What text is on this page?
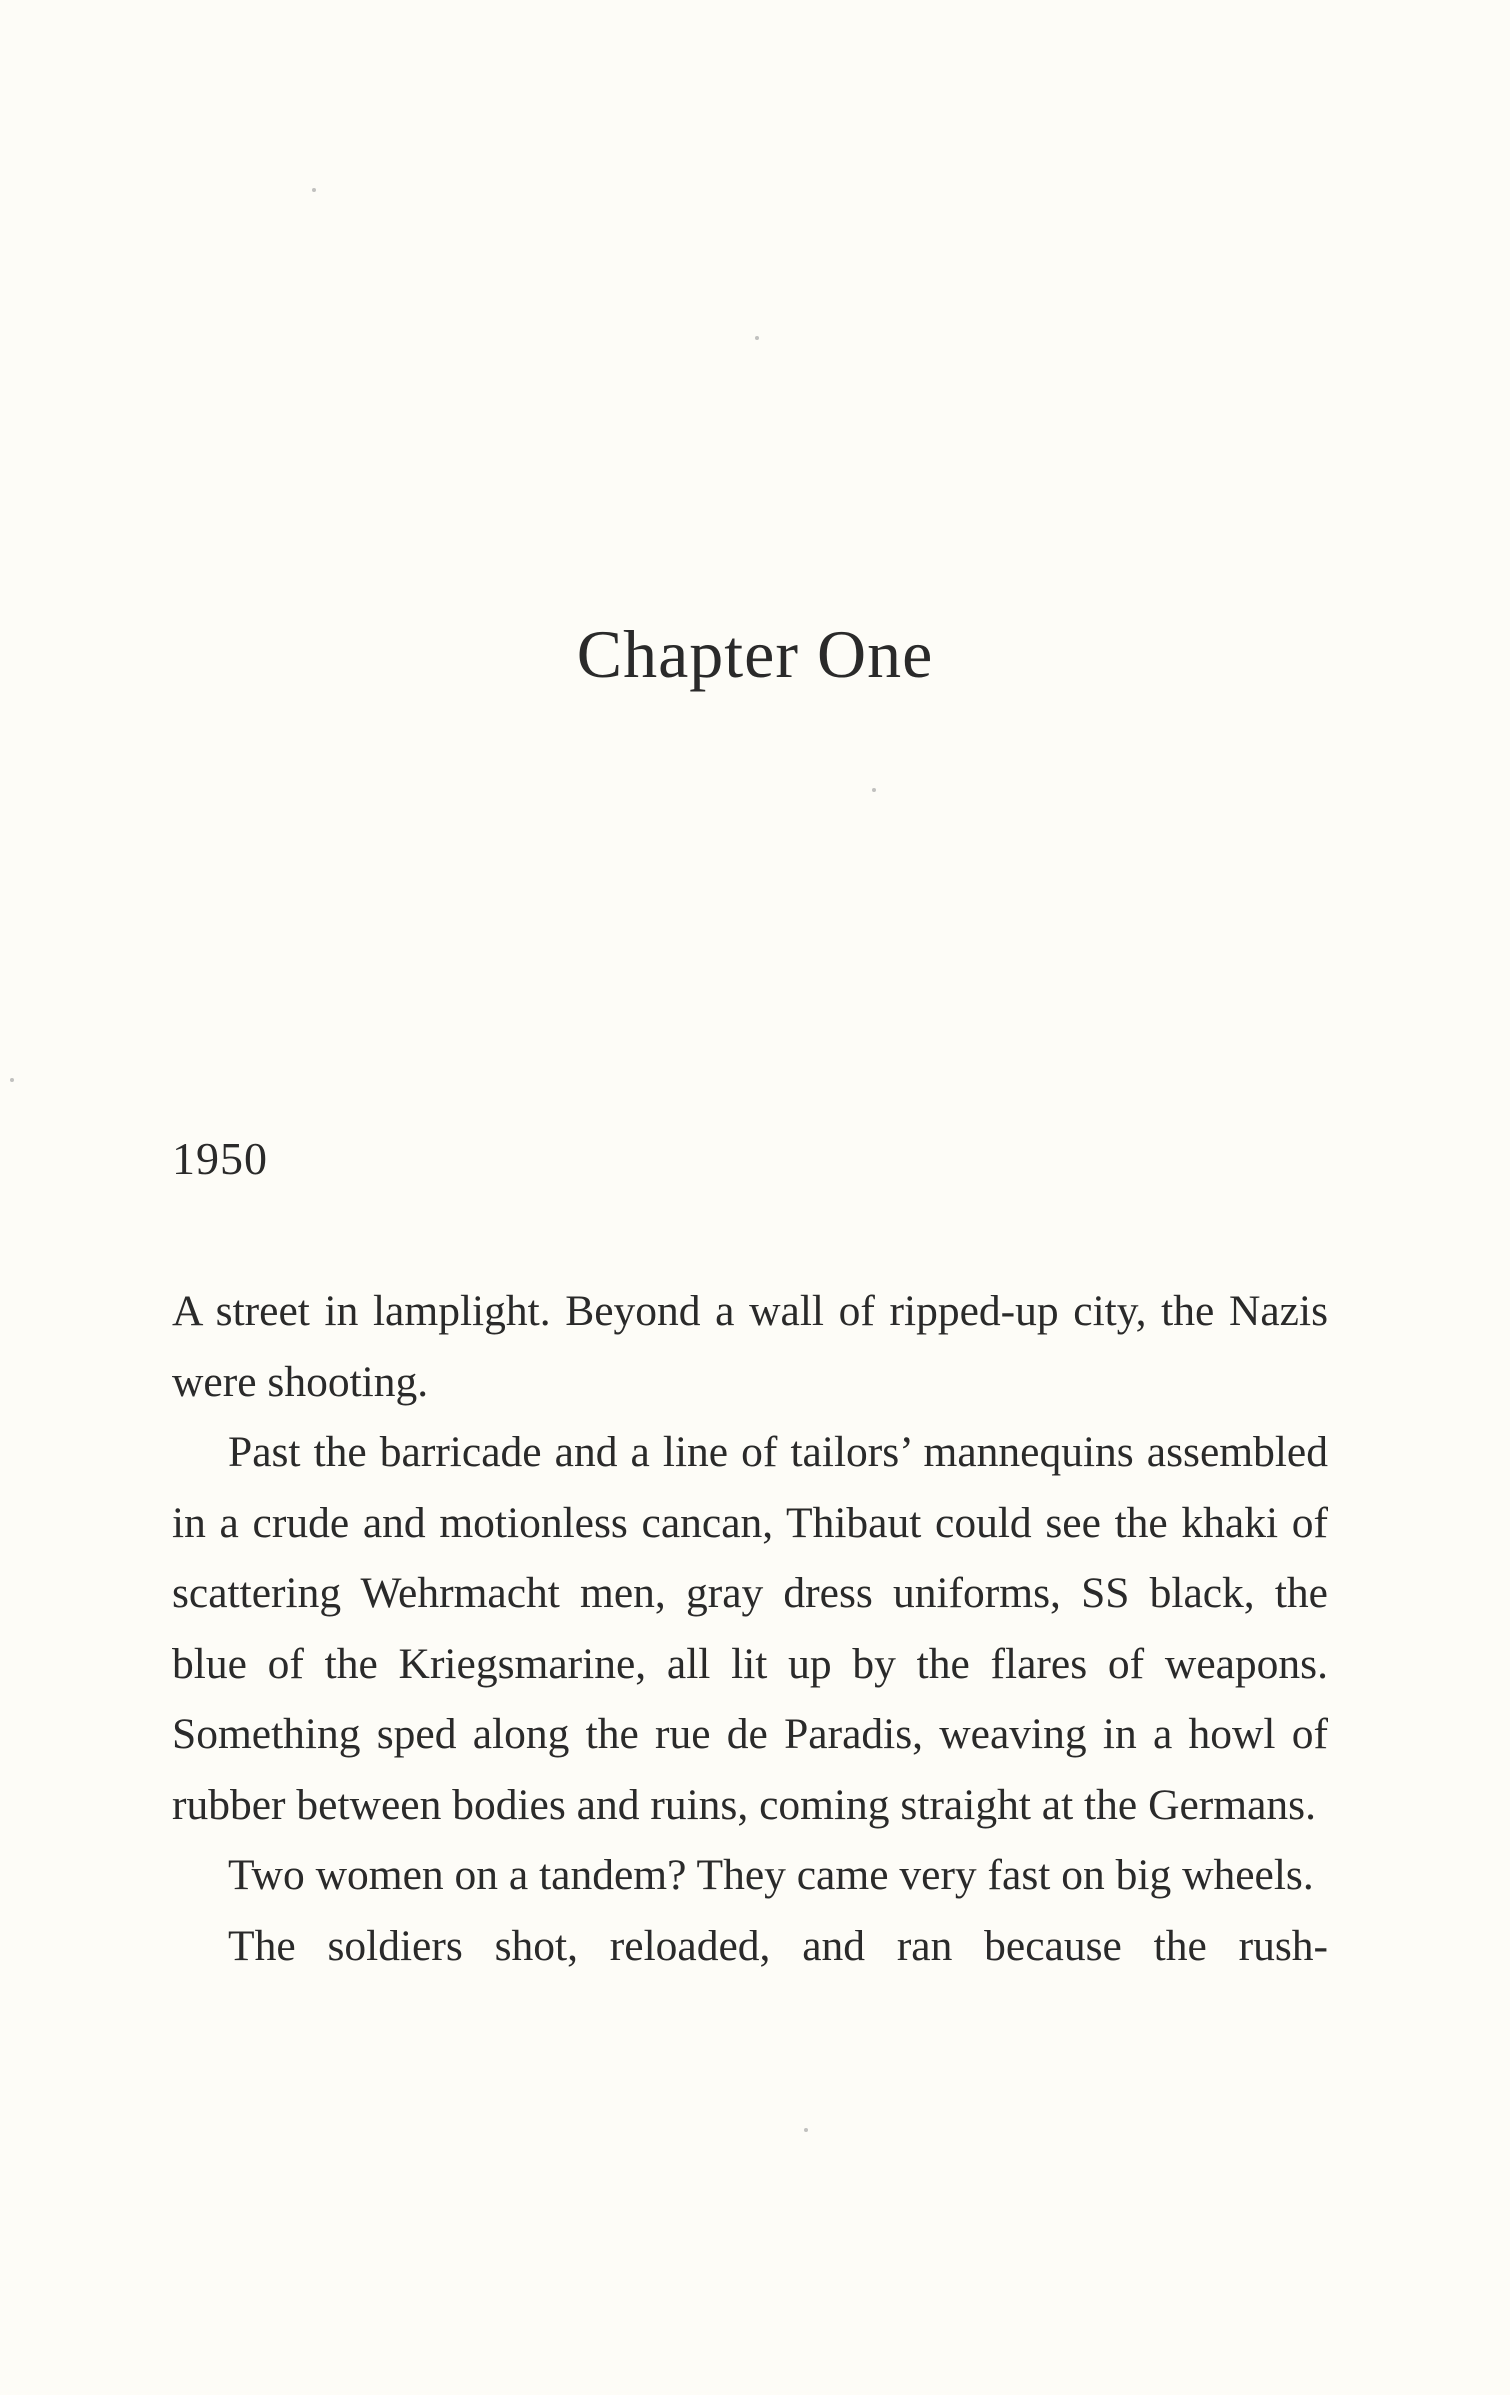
Chapter One
1950

A street in lamplight. Beyond a wall of ripped-up city, the Nazis were shooting.

Past the barricade and a line of tailors’ mannequins assembled in a crude and motionless cancan, Thibaut could see the khaki of scattering Wehrmacht men, gray dress uniforms, SS black, the blue of the Kriegsmarine, all lit up by the flares of weapons. Something sped along the rue de Paradis, weaving in a howl of rubber between bodies and ruins, coming straight at the Germans.

Two women on a tandem? They came very fast on big wheels.

The soldiers shot, reloaded, and ran because the rush-
